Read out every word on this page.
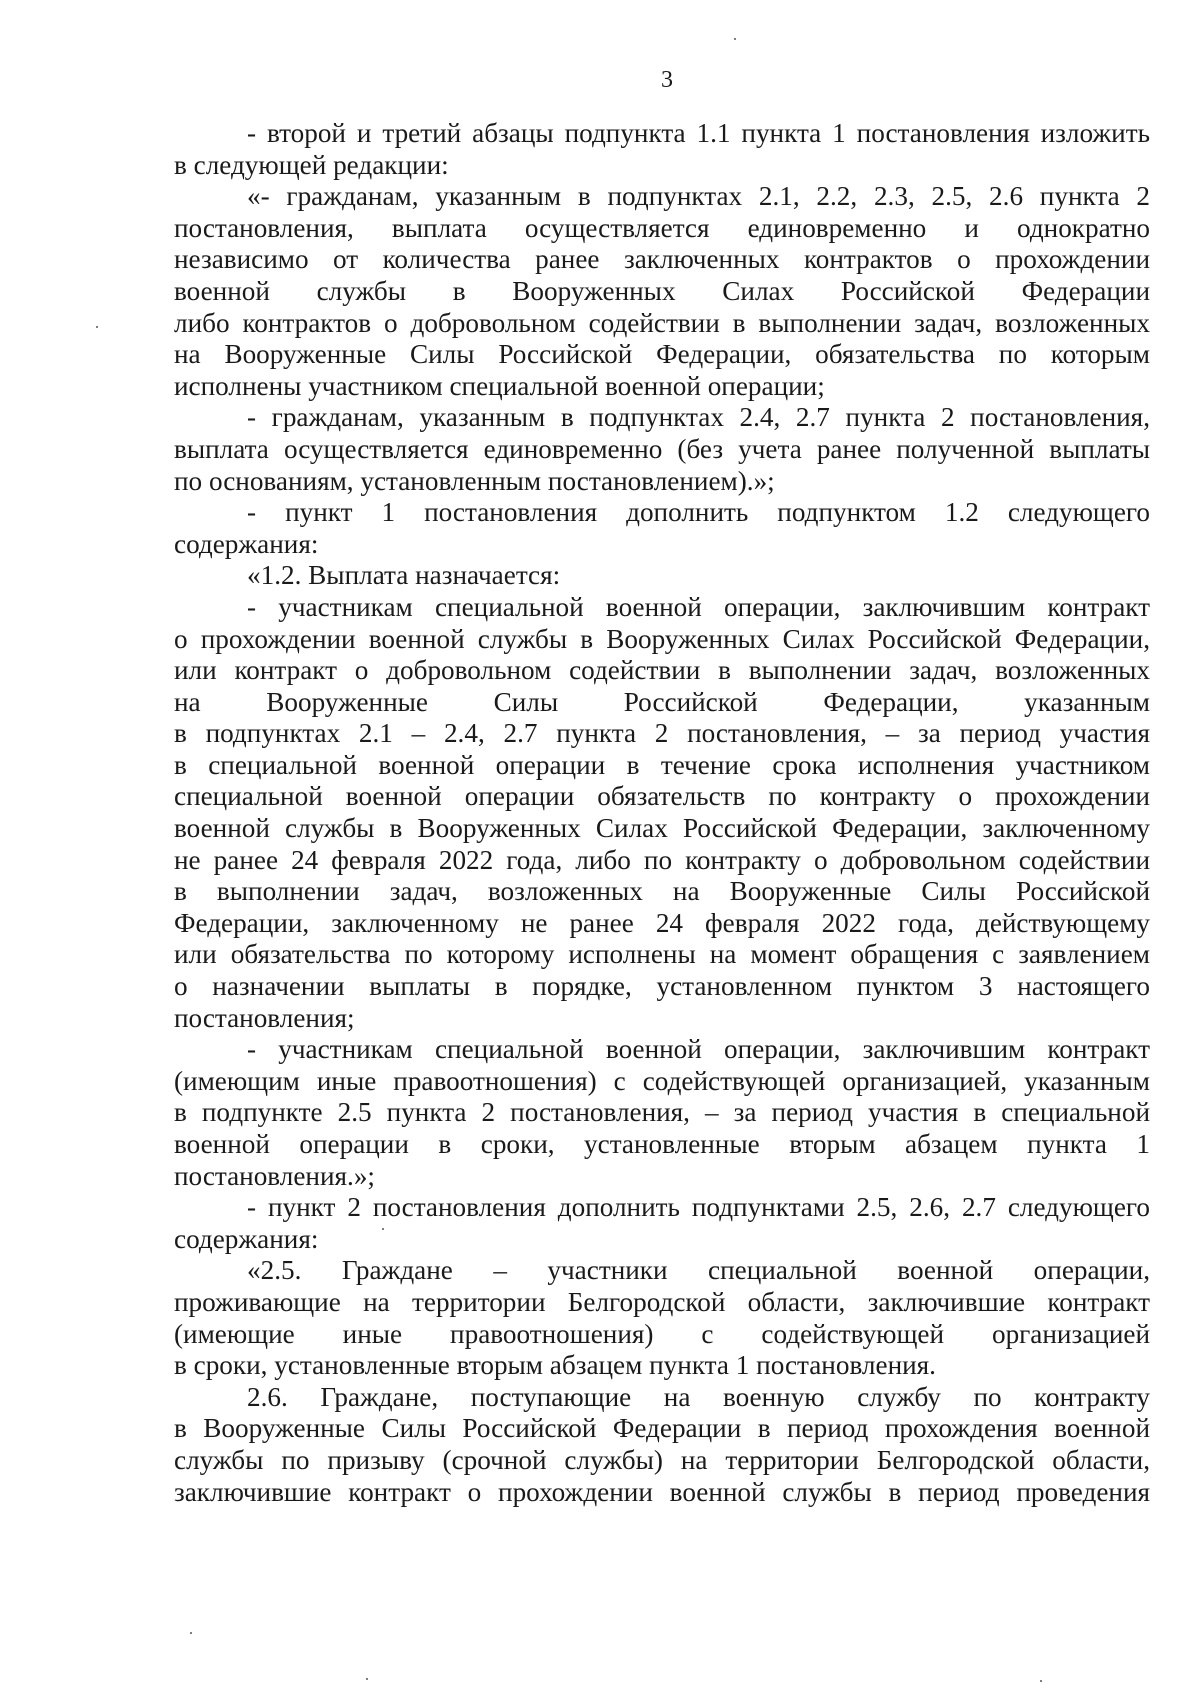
3
- второй и третий абзацы подпункта 1.1 пункта 1 постановления изложить
в следующей редакции:
«- гражданам, указанным в подпунктах 2.1, 2.2, 2.3, 2.5, 2.6 пункта 2
постановления, выплата осуществляется единовременно и однократно
независимо от количества ранее заключенных контрактов о прохождении
военной службы в Вооруженных Силах Российской Федерации
либо контрактов о добровольном содействии в выполнении задач, возложенных
на Вооруженные Силы Российской Федерации, обязательства по которым
исполнены участником специальной военной операции;
- гражданам, указанным в подпунктах 2.4, 2.7 пункта 2 постановления,
выплата осуществляется единовременно (без учета ранее полученной выплаты
по основаниям, установленным постановлением).»;
- пункт 1 постановления дополнить подпунктом 1.2 следующего
содержания:
«1.2. Выплата назначается:
- участникам специальной военной операции, заключившим контракт
о прохождении военной службы в Вооруженных Силах Российской Федерации,
или контракт о добровольном содействии в выполнении задач, возложенных
на Вооруженные Силы Российской Федерации, указанным
в подпунктах 2.1 – 2.4, 2.7 пункта 2 постановления, – за период участия
в специальной военной операции в течение срока исполнения участником
специальной военной операции обязательств по контракту о прохождении
военной службы в Вооруженных Силах Российской Федерации, заключенному
не ранее 24 февраля 2022 года, либо по контракту о добровольном содействии
в выполнении задач, возложенных на Вооруженные Силы Российской
Федерации, заключенному не ранее 24 февраля 2022 года, действующему
или обязательства по которому исполнены на момент обращения с заявлением
о назначении выплаты в порядке, установленном пунктом 3 настоящего
постановления;
- участникам специальной военной операции, заключившим контракт
(имеющим иные правоотношения) с содействующей организацией, указанным
в подпункте 2.5 пункта 2 постановления, – за период участия в специальной
военной операции в сроки, установленные вторым абзацем пункта 1
постановления.»;
- пункт 2 постановления дополнить подпунктами 2.5, 2.6, 2.7 следующего
содержания:
«2.5. Граждане – участники специальной военной операции,
проживающие на территории Белгородской области, заключившие контракт
(имеющие иные правоотношения) с содействующей организацией
в сроки, установленные вторым абзацем пункта 1 постановления.
2.6. Граждане, поступающие на военную службу по контракту
в Вооруженные Силы Российской Федерации в период прохождения военной
службы по призыву (срочной службы) на территории Белгородской области,
заключившие контракт о прохождении военной службы в период проведения
